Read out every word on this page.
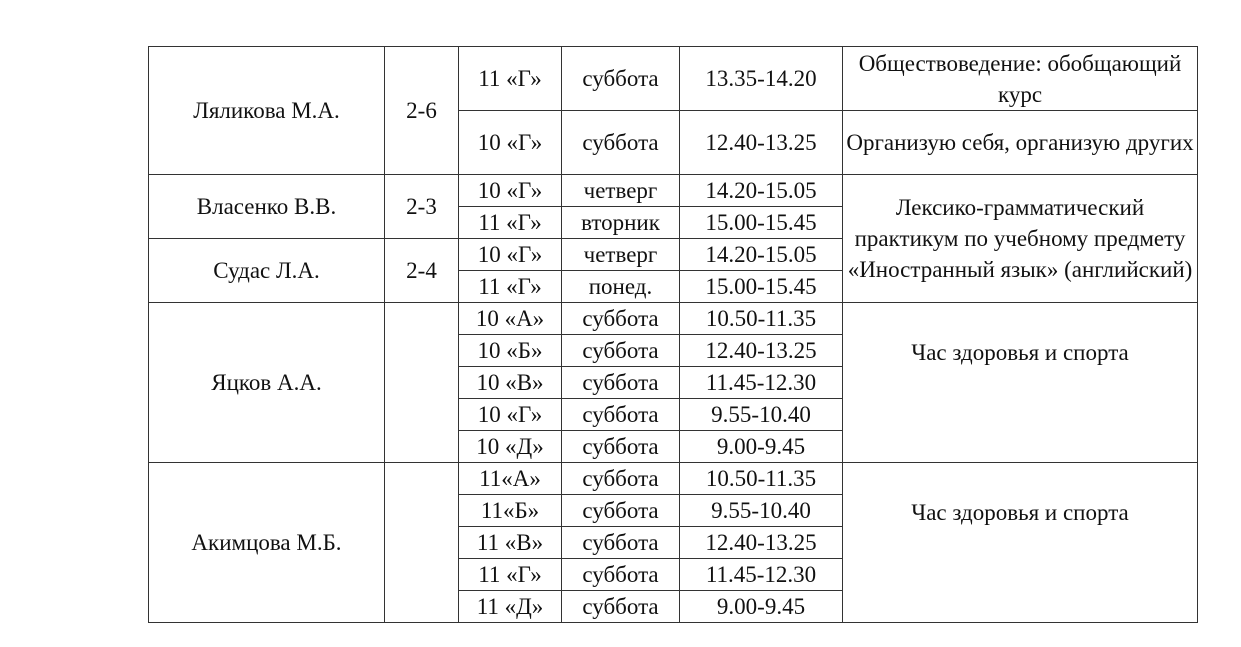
Ляликова М.А.	2-6	11 «Г»	суббота	13.35-14.20	Обществоведение: обобщающий курс
		10 «Г»	суббота	12.40-13.25	Организую себя, организую других
Власенко В.В.	2-3	10 «Г»	четверг	14.20-15.05	Лексико-грамматический практикум по учебному предмету «Иностранный язык» (английский)
		11 «Г»	вторник	15.00-15.45	
Судас Л.А.	2-4	10 «Г»	четверг	14.20-15.05	
		11 «Г»	понед.	15.00-15.45	
Яцков А.А.		10 «А»	суббота	10.50-11.35	Час здоровья и спорта
		10 «Б»	суббота	12.40-13.25	
		10 «В»	суббота	11.45-12.30	
		10 «Г»	суббота	9.55-10.40	
		10 «Д»	суббота	9.00-9.45	
Акимцова М.Б.		11«А»	суббота	10.50-11.35	Час здоровья и спорта
		11«Б»	суббота	9.55-10.40	
		11 «В»	суббота	12.40-13.25	
		11 «Г»	суббота	11.45-12.30	
		11 «Д»	суббота	9.00-9.45	
